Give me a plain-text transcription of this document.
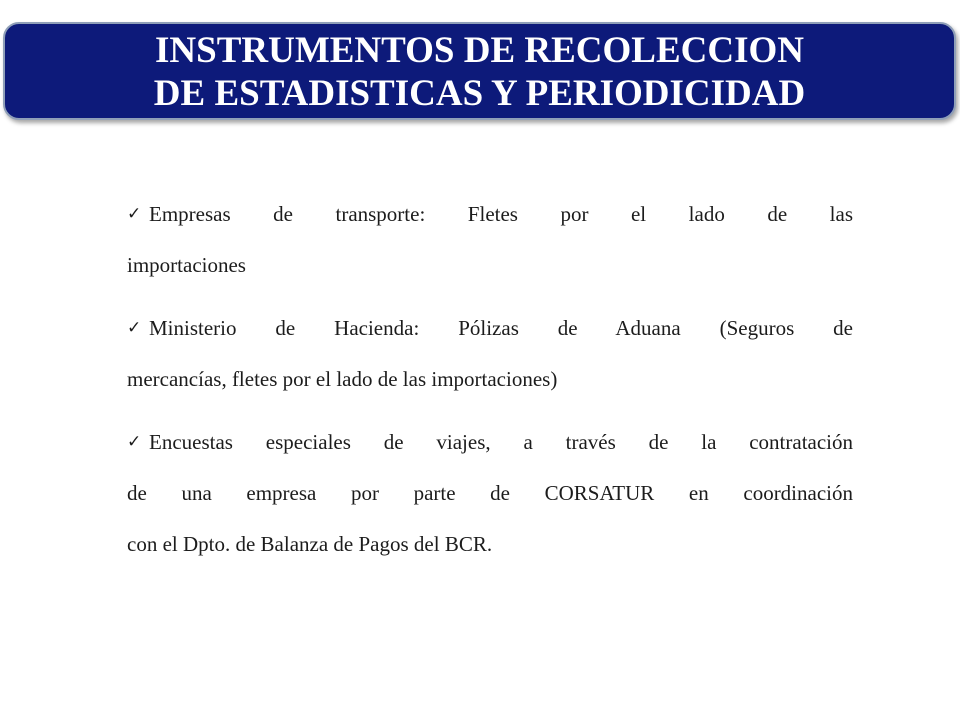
INSTRUMENTOS DE RECOLECCION
DE ESTADISTICAS Y PERIODICIDAD
✓ Empresas de transporte: Fletes por el lado de las
importaciones
✓ Ministerio de Hacienda: Pólizas de Aduana (Seguros de
mercancías, fletes por el lado de las importaciones)
✓ Encuestas especiales de viajes, a través de la contratación
de una empresa por parte de CORSATUR en coordinación
con el Dpto. de Balanza de Pagos del BCR.
